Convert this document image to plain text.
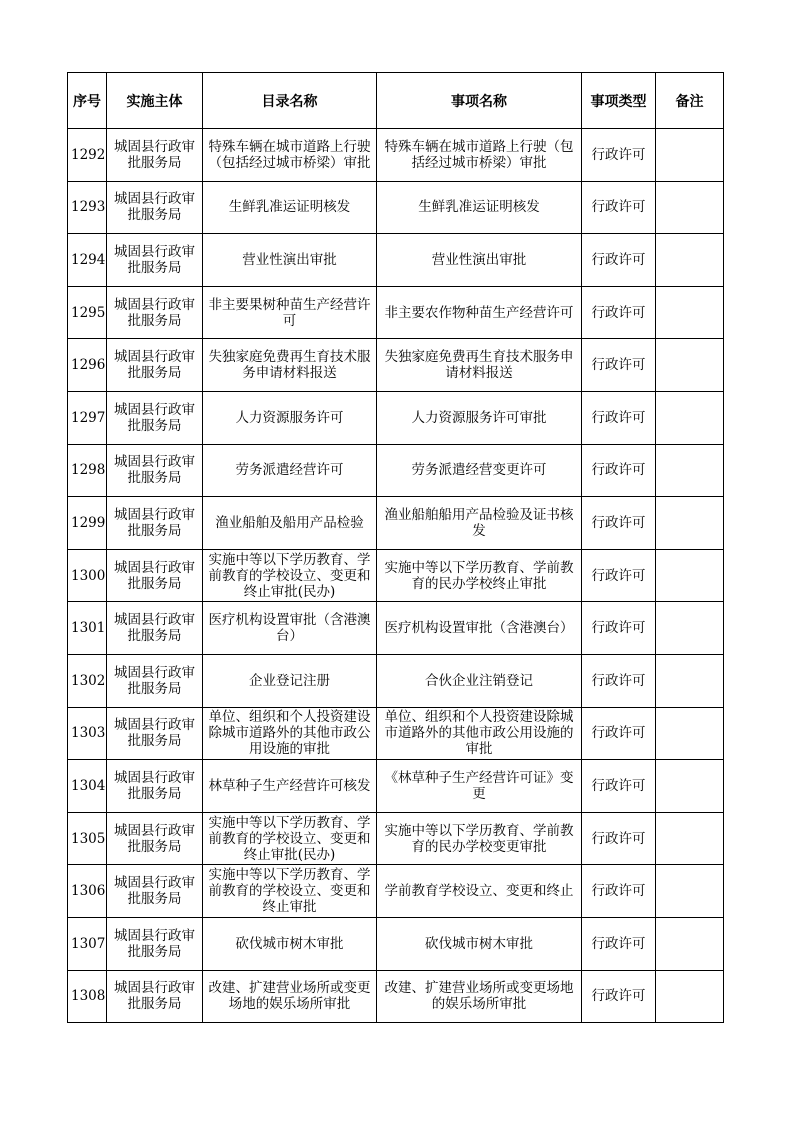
序号	实施主体	目录名称	事项名称	事项类型	备注
1292	城固县行政审批服务局	特殊车辆在城市道路上行驶（包括经过城市桥梁）审批	特殊车辆在城市道路上行驶（包括经过城市桥梁）审批	行政许可	
1293	城固县行政审批服务局	生鲜乳准运证明核发	生鲜乳准运证明核发	行政许可	
1294	城固县行政审批服务局	营业性演出审批	营业性演出审批	行政许可	
1295	城固县行政审批服务局	非主要果树种苗生产经营许可	非主要农作物种苗生产经营许可	行政许可	
1296	城固县行政审批服务局	失独家庭免费再生育技术服务申请材料报送	失独家庭免费再生育技术服务申请材料报送	行政许可	
1297	城固县行政审批服务局	人力资源服务许可	人力资源服务许可审批	行政许可	
1298	城固县行政审批服务局	劳务派遣经营许可	劳务派遣经营变更许可	行政许可	
1299	城固县行政审批服务局	渔业船舶及船用产品检验	渔业船舶船用产品检验及证书核发	行政许可	
1300	城固县行政审批服务局	实施中等以下学历教育、学前教育的学校设立、变更和终止审批(民办)	实施中等以下学历教育、学前教育的民办学校终止审批	行政许可	
1301	城固县行政审批服务局	医疗机构设置审批（含港澳台）	医疗机构设置审批（含港澳台）	行政许可	
1302	城固县行政审批服务局	企业登记注册	合伙企业注销登记	行政许可	
1303	城固县行政审批服务局	单位、组织和个人投资建设除城市道路外的其他市政公用设施的审批	单位、组织和个人投资建设除城市道路外的其他市政公用设施的审批	行政许可	
1304	城固县行政审批服务局	林草种子生产经营许可核发	《林草种子生产经营许可证》变更	行政许可	
1305	城固县行政审批服务局	实施中等以下学历教育、学前教育的学校设立、变更和终止审批(民办)	实施中等以下学历教育、学前教育的民办学校变更审批	行政许可	
1306	城固县行政审批服务局	实施中等以下学历教育、学前教育的学校设立、变更和终止审批	学前教育学校设立、变更和终止	行政许可	
1307	城固县行政审批服务局	砍伐城市树木审批	砍伐城市树木审批	行政许可	
1308	城固县行政审批服务局	改建、扩建营业场所或变更场地的娱乐场所审批	改建、扩建营业场所或变更场地的娱乐场所审批	行政许可	
